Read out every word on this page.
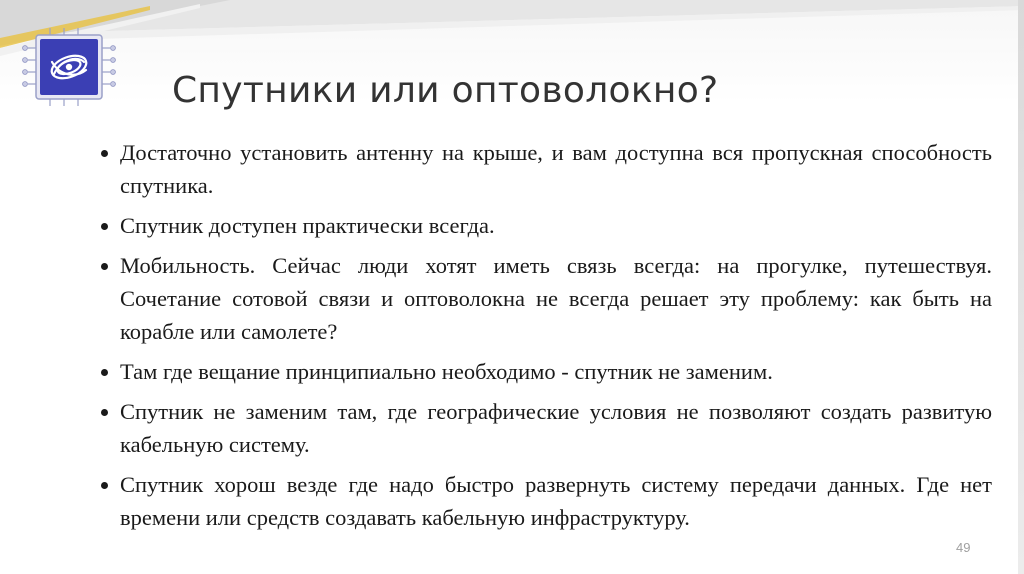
Спутники или оптоволокно?
Достаточно установить антенну на крыше, и вам доступна вся пропускная способность спутника.
Спутник доступен практически всегда.
Мобильность. Сейчас люди хотят иметь связь всегда: на прогулке, путешествуя. Сочетание сотовой связи и оптоволокна не всегда решает эту проблему: как быть на корабле или самолете?
Там где вещание принципиально необходимо - спутник не заменим.
Спутник не заменим там, где географические условия не позволяют создать развитую кабельную систему.
Спутник хорош везде где надо быстро развернуть систему передачи данных. Где нет времени или средств создавать кабельную инфраструктуру.
49
